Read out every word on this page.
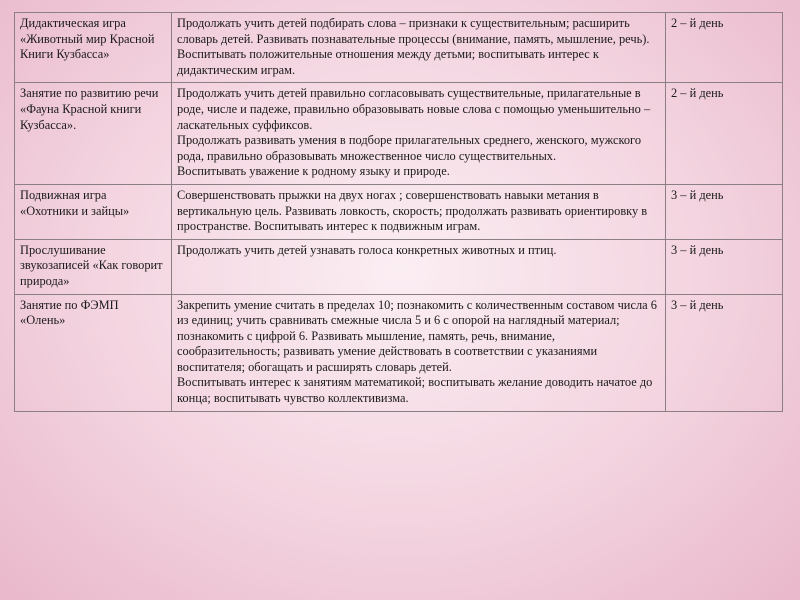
Дидактическая игра «Животный мир Красной Книги Кузбасса»	Продолжать учить детей подбирать слова – признаки к существительным; расширить словарь детей. Развивать познавательные процессы (внимание, память, мышление, речь). Воспитывать положительные отношения между детьми; воспитывать интерес к дидактическим играм.	2 – й день
Занятие по развитию речи «Фауна Красной книги Кузбасса».	Продолжать учить детей правильно согласовывать существительные, прилагательные в роде, числе и падеже, правильно образовывать новые слова с помощью уменьшительно – ласкательных суффиксов.
Продолжать развивать умения в подборе прилагательных среднего, женского, мужского рода, правильно образовывать множественное число существительных.
Воспитывать уважение к родному языку и природе.	2 – й день
Подвижная игра «Охотники и зайцы»	Совершенствовать прыжки на двух ногах ; совершенствовать навыки метания в вертикальную цель. Развивать ловкость, скорость; продолжать развивать ориентировку в пространстве. Воспитывать интерес к подвижным играм.	3 – й день
Прослушивание звукозаписей «Как говорит природа»	Продолжать учить детей узнавать голоса конкретных животных и птиц.	3 – й день
Занятие по ФЭМП «Олень»	Закрепить умение считать в пределах 10; познакомить с количественным составом числа 6 из единиц; учить сравнивать смежные числа 5 и 6 с опорой на наглядный материал; познакомить с цифрой 6. Развивать мышление, память, речь, внимание, сообразительность; развивать умение действовать в соответствии с указаниями воспитателя; обогащать и расширять словарь детей.
Воспитывать интерес к занятиям математикой; воспитывать желание доводить начатое до конца; воспитывать чувство коллективизма.	3 – й день
